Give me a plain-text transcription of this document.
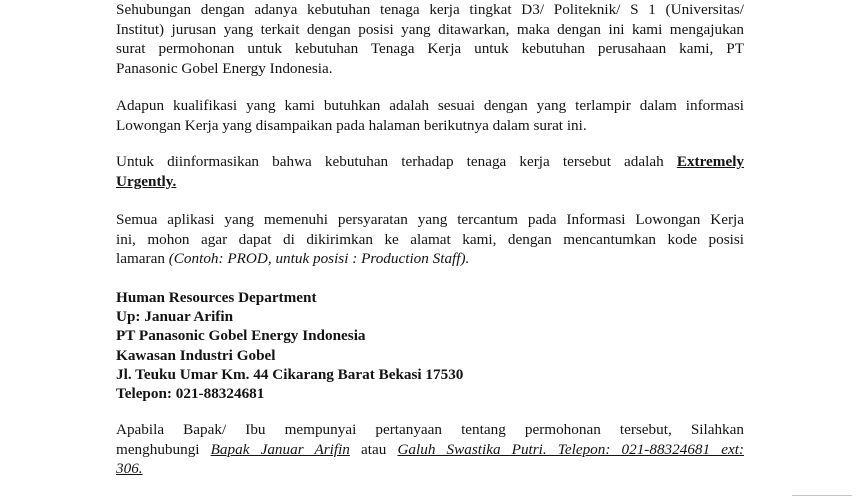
Sehubungan dengan adanya kebutuhan tenaga kerja tingkat D3/ Politeknik/ S 1 (Universitas/
Institut) jurusan yang terkait dengan posisi yang ditawarkan, maka dengan ini kami mengajukan
surat permohonan untuk kebutuhan Tenaga Kerja untuk kebutuhan perusahaan kami, PT
Panasonic Gobel Energy Indonesia.
Adapun kualifikasi yang kami butuhkan adalah sesuai dengan yang terlampir dalam informasi
Lowongan Kerja yang disampaikan pada halaman berikutnya dalam surat ini.
Untuk diinformasikan bahwa kebutuhan terhadap tenaga kerja tersebut adalah Extremely
Urgently.
Semua aplikasi yang memenuhi persyaratan yang tercantum pada Informasi Lowongan Kerja
ini, mohon agar dapat di dikirimkan ke alamat kami, dengan mencantumkan kode posisi
lamaran (Contoh: PROD, untuk posisi : Production Staff).
Human Resources Department
Up: Januar Arifin
PT Panasonic Gobel Energy Indonesia
Kawasan Industri Gobel
Jl. Teuku Umar Km. 44 Cikarang Barat Bekasi 17530
Telepon: 021-88324681
Apabila Bapak/ Ibu mempunyai pertanyaan tentang permohonan tersebut, Silahkan
menghubungi Bapak Januar Arifin atau Galuh Swastika Putri. Telepon: 021-88324681 ext:
306.
